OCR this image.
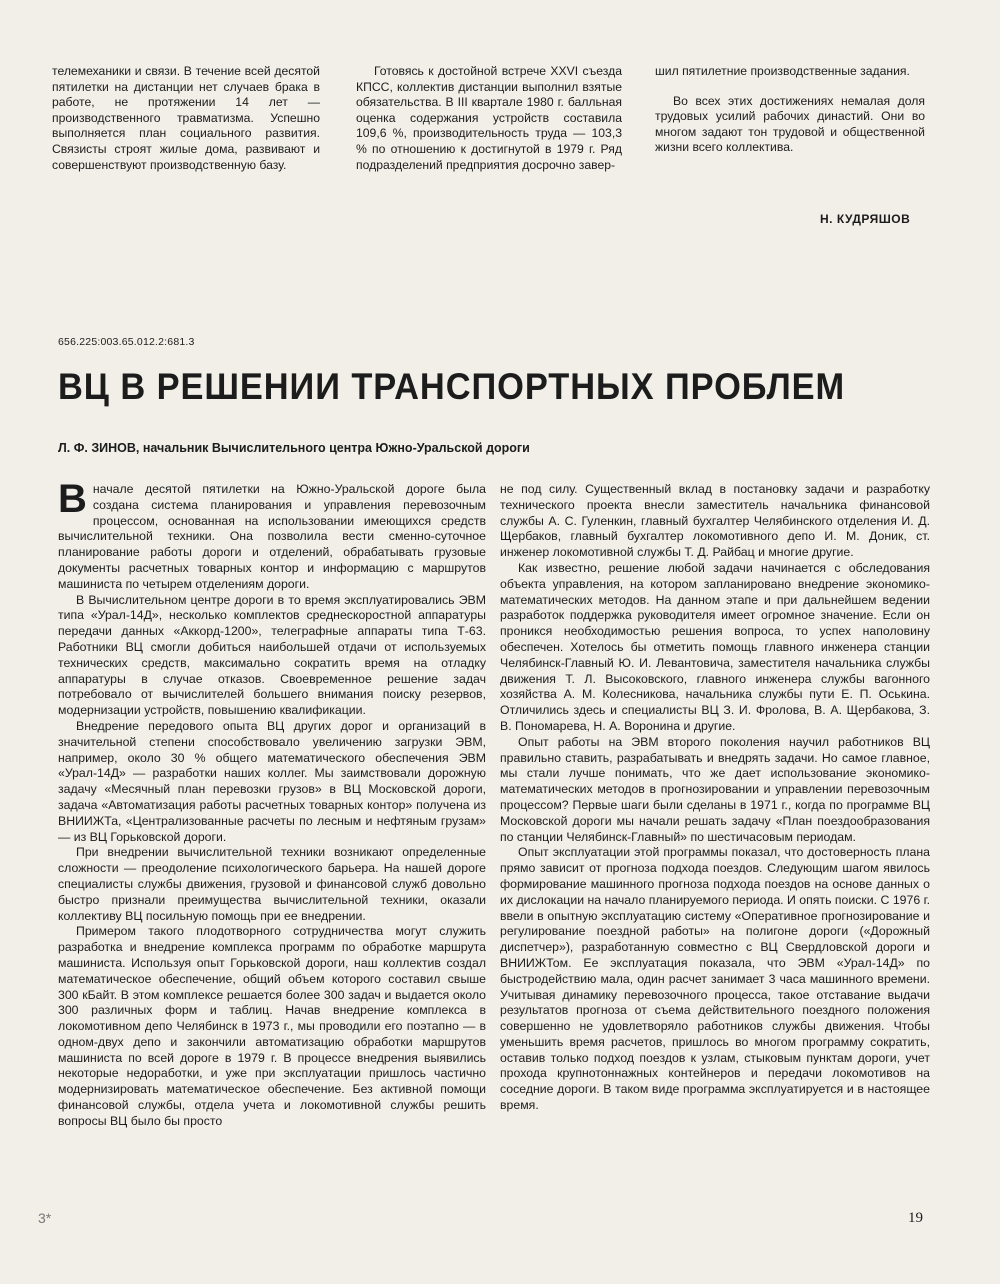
телемеханики и связи. В течение всей десятой пятилетки на дистанции нет случаев брака в работе, не протяжении 14 лет — производственного травматизма. Успешно выполняется план социального развития. Связисты строят жилые дома, развивают и совершенствуют производственную базу.

Готовясь к достойной встрече XXVI съезда КПСС, коллектив дистанции выполнил взятые обязательства. В III квартале 1980 г. балльная оценка содержания устройств составила 109,6 %, производительность труда — 103,3 % по отношению к достигнутой в 1979 г. Ряд подразделений предприятия досрочно завер-

шил пятилетние производственные задания.

Во всех этих достижениях немалая доля трудовых усилий рабочих династий. Они во многом задают тон трудовой и общественной жизни всего коллектива.

Н. КУДРЯШОВ
656.225:003.65.012.2:681.3
ВЦ В РЕШЕНИИ ТРАНСПОРТНЫХ ПРОБЛЕМ
Л. Ф. ЗИНОВ, начальник Вычислительного центра Южно-Уральской дороги

Вначале десятой пятилетки на Южно-Уральской дороге была создана система планирования и управления перевозочным процессом, основанная на использовании имеющихся средств вычислительной техники. Она позволила вести сменно-суточное планирование работы дороги и отделений, обрабатывать грузовые документы расчетных товарных контор и информацию с маршрутов машиниста по четырем отделениям дороги.

В Вычислительном центре дороги в то время эксплуатировались ЭВМ типа «Урал-14Д», несколько комплектов среднескоростной аппаратуры передачи данных «Аккорд-1200», телеграфные аппараты типа Т-63. Работники ВЦ смогли добиться наибольшей отдачи от используемых технических средств, максимально сократить время на отладку аппаратуры в случае отказов. Своевременное решение задач потребовало от вычислителей большего внимания поиску резервов, модернизации устройств, повышению квалификации.

Внедрение передового опыта ВЦ других дорог и организаций в значительной степени способствовало увеличению загрузки ЭВМ, например, около 30 % общего математического обеспечения ЭВМ «Урал-14Д» — разработки наших коллег. Мы заимствовали дорожную задачу «Месячный план перевозки грузов» в ВЦ Московской дороги, задача «Автоматизация работы расчетных товарных контор» получена из ВНИИЖТа, «Централизованные расчеты по лесным и нефтяным грузам» — из ВЦ Горьковской дороги.

При внедрении вычислительной техники возникают определенные сложности — преодоление психологического барьера. На нашей дороге специалисты службы движения, грузовой и финансовой служб довольно быстро признали преимущества вычислительной техники, оказали коллективу ВЦ посильную помощь при ее внедрении.

Примером такого плодотворного сотрудничества могут служить разработка и внедрение комплекса программ по обработке маршрута машиниста. Используя опыт Горьковской дороги, наш коллектив создал математическое обеспечение, общий объем которого составил свыше 300 кБайт. В этом комплексе решается более 300 задач и выдается около 300 различных форм и таблиц. Начав внедрение комплекса в локомотивном депо Челябинск в 1973 г., мы проводили его поэтапно — в одном-двух депо и закончили автоматизацию обработки маршрутов машиниста по всей дороге в 1979 г. В процессе внедрения выявились некоторые недоработки, и уже при эксплуатации пришлось частично модернизировать математическое обеспечение. Без активной помощи финансовой службы, отдела учета и локомотивной службы решить вопросы ВЦ было бы просто

не под силу. Существенный вклад в постановку задачи и разработку технического проекта внесли заместитель начальника финансовой службы А. С. Гуленкин, главный бухгалтер Челябинского отделения И. Д. Щербаков, главный бухгалтер локомотивного депо И. М. Доник, ст. инженер локомотивной службы Т. Д. Райбац и многие другие.

Как известно, решение любой задачи начинается с обследования объекта управления, на котором запланировано внедрение экономико-математических методов. На данном этапе и при дальнейшем ведении разработок поддержка руководителя имеет огромное значение. Если он проникся необходимостью решения вопроса, то успех наполовину обеспечен. Хотелось бы отметить помощь главного инженера станции Челябинск-Главный Ю. И. Левантовича, заместителя начальника службы движения Т. Л. Высоковского, главного инженера службы вагонного хозяйства А. М. Колесникова, начальника службы пути Е. П. Оськина. Отличились здесь и специалисты ВЦ З. И. Фролова, В. А. Щербакова, З. В. Пономарева, Н. А. Воронина и другие.

Опыт работы на ЭВМ второго поколения научил работников ВЦ правильно ставить, разрабатывать и внедрять задачи. Но самое главное, мы стали лучше понимать, что же дает использование экономико-математических методов в прогнозировании и управлении перевозочным процессом? Первые шаги были сделаны в 1971 г., когда по программе ВЦ Московской дороги мы начали решать задачу «План поездообразования по станции Челябинск-Главный» по шестичасовым периодам.

Опыт эксплуатации этой программы показал, что достоверность плана прямо зависит от прогноза подхода поездов. Следующим шагом явилось формирование машинного прогноза подхода поездов на основе данных о их дислокации на начало планируемого периода. И опять поиски. С 1976 г. ввели в опытную эксплуатацию систему «Оперативное прогнозирование и регулирование поездной работы» на полигоне дороги («Дорожный диспетчер»), разработанную совместно с ВЦ Свердловской дороги и ВНИИЖТом. Ее эксплуатация показала, что ЭВМ «Урал-14Д» по быстродействию мала, один расчет занимает 3 часа машинного времени. Учитывая динамику перевозочного процесса, такое отставание выдачи результатов прогноза от съема действительного поездного положения совершенно не удовлетворяло работников службы движения. Чтобы уменьшить время расчетов, пришлось во многом программу сократить, оставив только подход поездов к узлам, стыковым пунктам дороги, учет прохода крупнотоннажных контейнеров и передачи локомотивов на соседние дороги. В таком виде программа эксплуатируется и в настоящее время.

3*	19
